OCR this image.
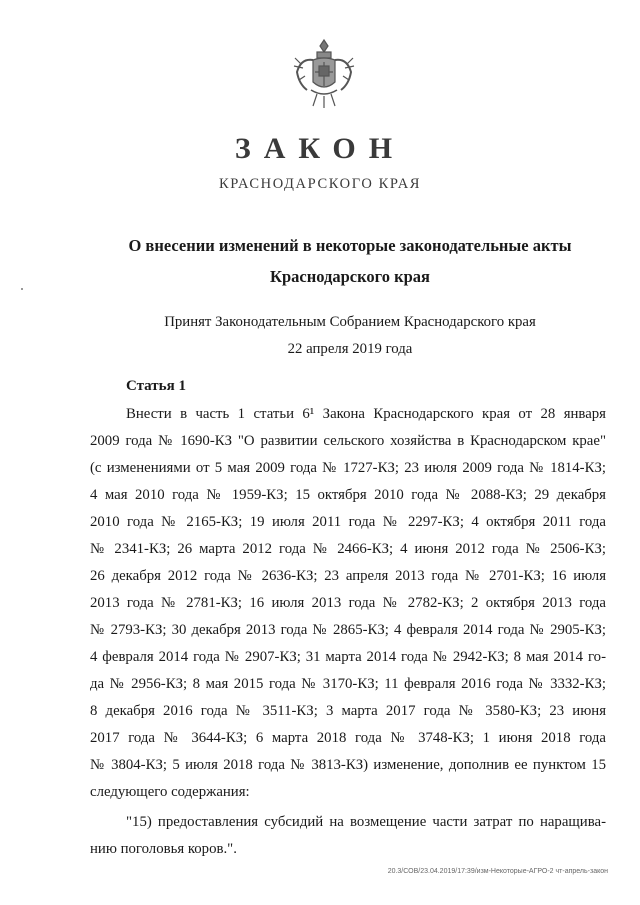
ЗАКОН
КРАСНОДАРСКОГО КРАЯ
О внесении изменений в некоторые законодательные акты
Краснодарского края
Принят Законодательным Собранием Краснодарского края
22 апреля 2019 года
Статья 1
Внести в часть 1 статьи 6¹ Закона Краснодарского края от 28 января
2009 года № 1690-КЗ "О развитии сельского хозяйства в Краснодарском крае"
(с изменениями от 5 мая 2009 года № 1727-КЗ; 23 июля 2009 года № 1814-КЗ;
4 мая 2010 года № 1959-КЗ; 15 октября 2010 года № 2088-КЗ; 29 декабря
2010 года № 2165-КЗ; 19 июля 2011 года № 2297-КЗ; 4 октября 2011 года
№ 2341-КЗ; 26 марта 2012 года № 2466-КЗ; 4 июня 2012 года № 2506-КЗ;
26 декабря 2012 года № 2636-КЗ; 23 апреля 2013 года № 2701-КЗ; 16 июля
2013 года № 2781-КЗ; 16 июля 2013 года № 2782-КЗ; 2 октября 2013 года
№ 2793-КЗ; 30 декабря 2013 года № 2865-КЗ; 4 февраля 2014 года № 2905-КЗ;
4 февраля 2014 года № 2907-КЗ; 31 марта 2014 года № 2942-КЗ; 8 мая 2014 го-
да № 2956-КЗ; 8 мая 2015 года № 3170-КЗ; 11 февраля 2016 года № 3332-КЗ;
8 декабря 2016 года № 3511-КЗ; 3 марта 2017 года № 3580-КЗ; 23 июня
2017 года № 3644-КЗ; 6 марта 2018 года № 3748-КЗ; 1 июня 2018 года
№ 3804-КЗ; 5 июля 2018 года № 3813-КЗ) изменение, дополнив ее пунктом 15
следующего содержания:
"15) предоставления субсидий на возмещение части затрат по наращива-
нию поголовья коров.".
20.3/СОВ/23.04.2019/17:39/изм-Некоторые-АГРО-2 чт-апрель-закон
